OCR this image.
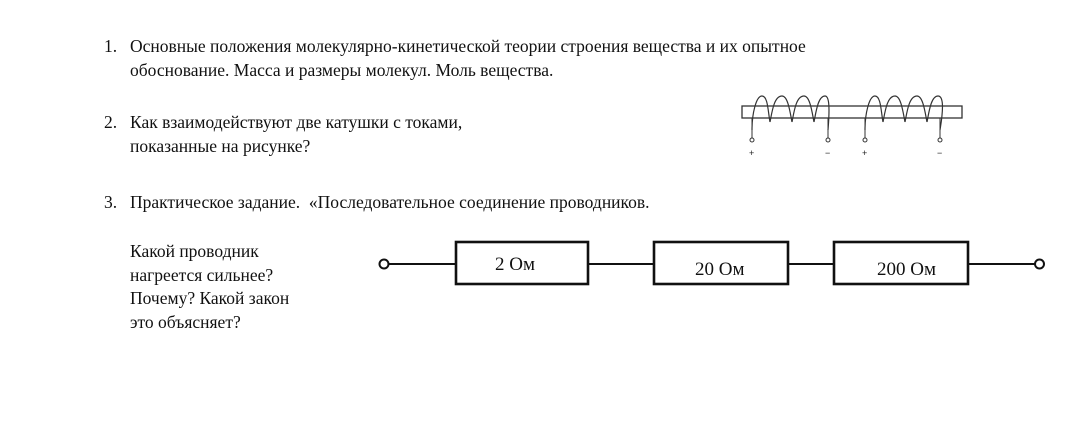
1. Основные положения молекулярно-кинетической теории строения вещества и их опытное
обоснование. Масса и размеры молекул. Моль вещества.
2. Как взаимодействуют две катушки с токами,
показанные на рисунке?	+	−	+	−
3. Практическое задание.  «Последовательное соединение проводников.
Какой проводник
нагреется сильнее?
Почему? Какой закон
это объясняет?
2 Ом	20 Ом	200 Ом
